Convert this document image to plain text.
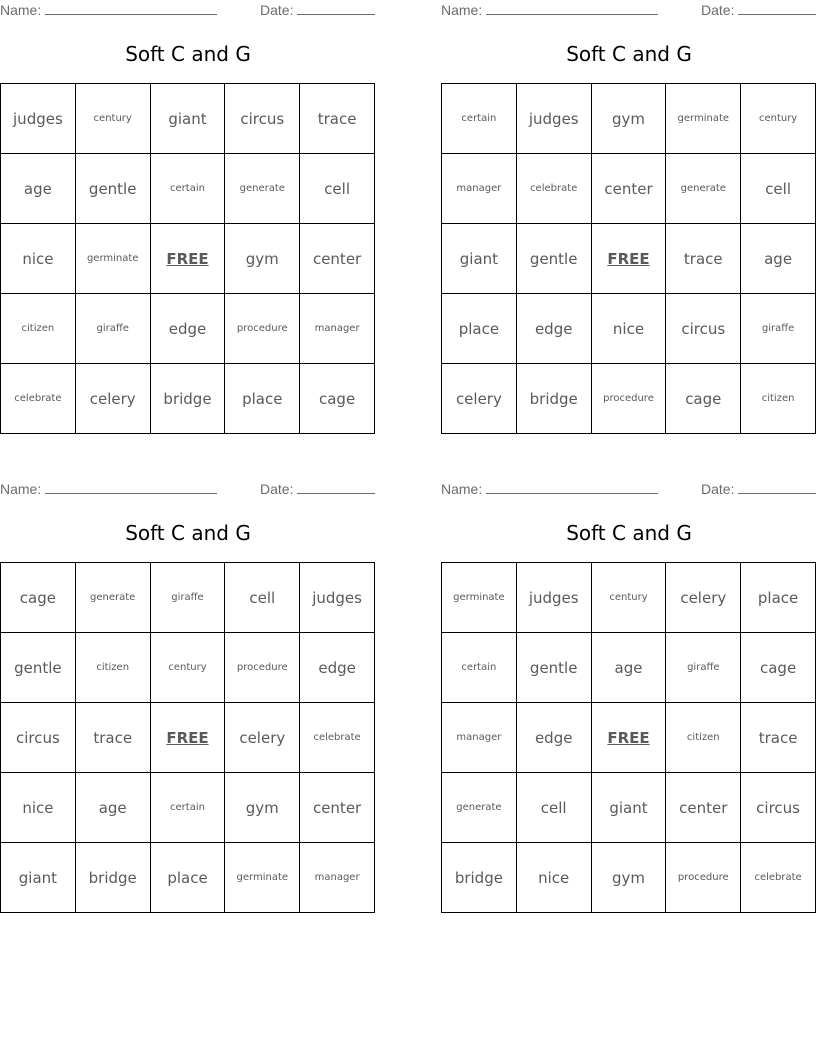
Name:	Date:
Soft C and G
judges	century	giant	circus	trace
age	gentle	certain	generate	cell
nice	germinate	FREE	gym	center
citizen	giraffe	edge	procedure	manager
celebrate	celery	bridge	place	cage
Name:	Date:
Soft C and G
certain	judges	gym	germinate	century
manager	celebrate	center	generate	cell
giant	gentle	FREE	trace	age
place	edge	nice	circus	giraffe
celery	bridge	procedure	cage	citizen
Name:	Date:
Soft C and G
cage	generate	giraffe	cell	judges
gentle	citizen	century	procedure	edge
circus	trace	FREE	celery	celebrate
nice	age	certain	gym	center
giant	bridge	place	germinate	manager
Name:	Date:
Soft C and G
germinate	judges	century	celery	place
certain	gentle	age	giraffe	cage
manager	edge	FREE	citizen	trace
generate	cell	giant	center	circus
bridge	nice	gym	procedure	celebrate
